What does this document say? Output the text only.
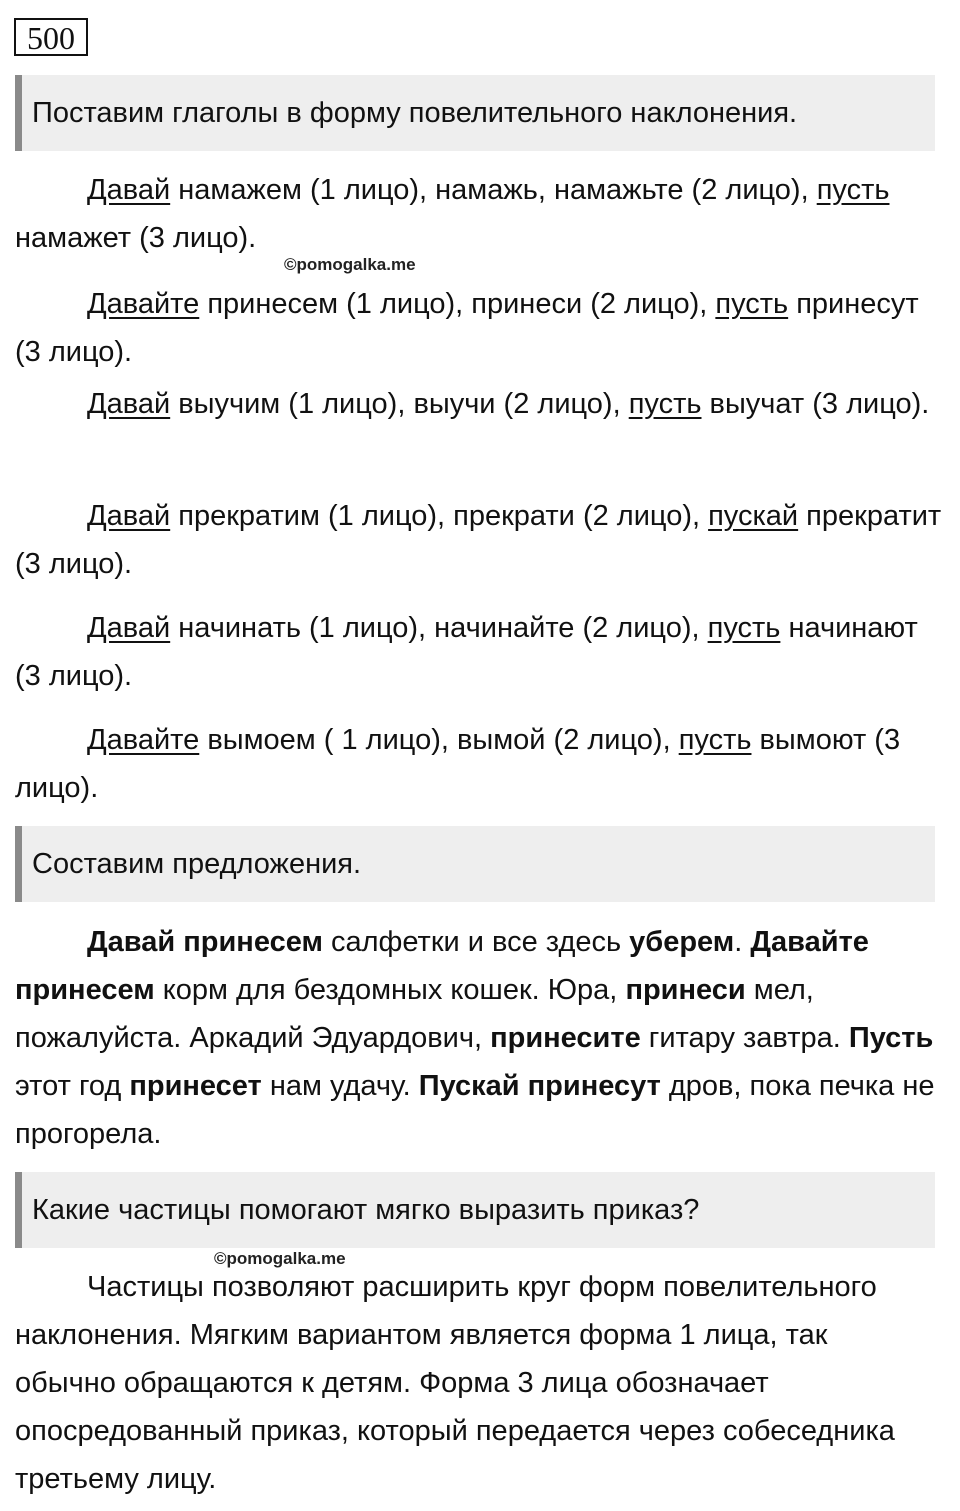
500
Поставим глаголы в форму повелительного наклонения.

Давай намажем (1 лицо), намажь, намажьте (2 лицо), пусть намажет (3 лицо).

©pomogalka.me

Давайте принесем (1 лицо), принеси (2 лицо), пусть принесут (3 лицо).

Давай выучим (1 лицо), выучи (2 лицо), пусть выучат (3 лицо).

Давай прекратим (1 лицо), прекрати (2 лицо), пускай прекратит (3 лицо).

Давай начинать (1 лицо), начинайте (2 лицо), пусть начинают (3 лицо).

Давайте вымоем ( 1 лицо), вымой (2 лицо), пусть вымоют (3 лицо).

Составим предложения.

Давай принесем салфетки и все здесь уберем. Давайте принесем корм для бездомных кошек. Юра, принеси мел, пожалуйста. Аркадий Эдуардович, принесите гитару завтра. Пусть этот год принесет нам удачу. Пускай принесут дров, пока печка не прогорела.

Какие частицы помогают мягко выразить приказ?
©pomogalka.me

Частицы позволяют расширить круг форм повелительного наклонения. Мягким вариантом является форма 1 лица, так обычно обращаются к детям. Форма 3 лица обозначает опосредованный приказ, который передается через собеседника третьему лицу.
